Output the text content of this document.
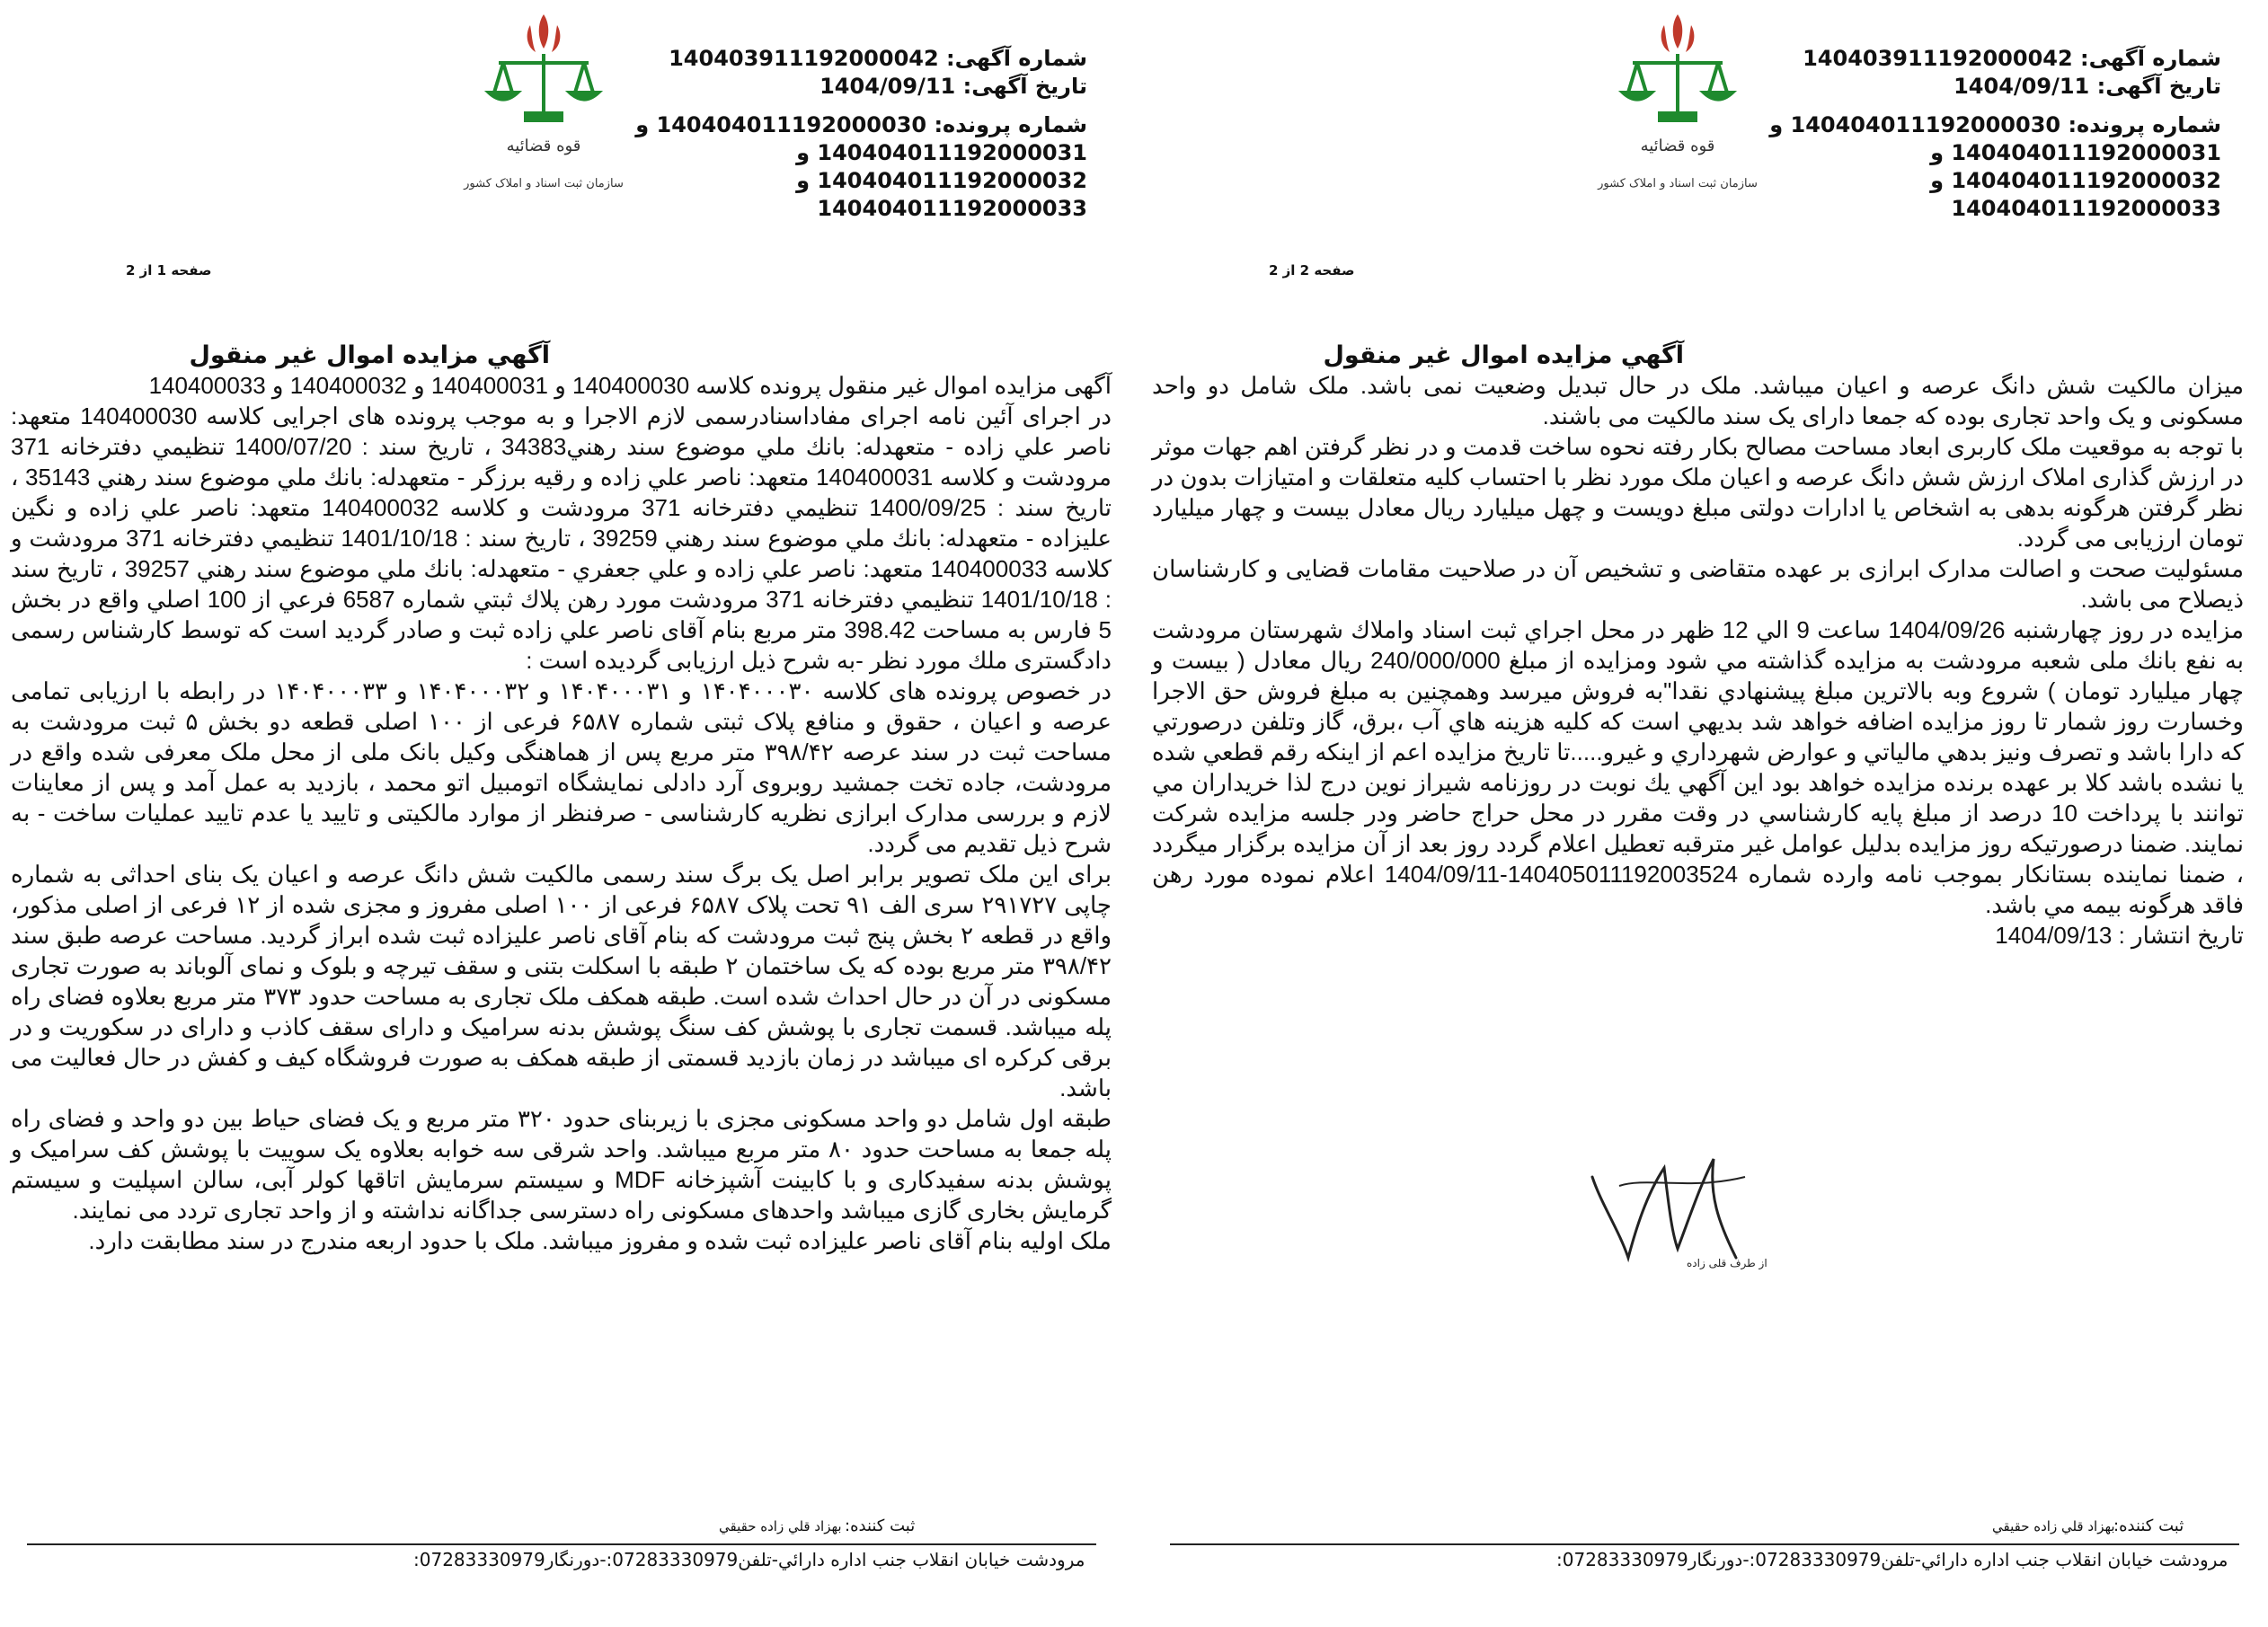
قوه قضائیه
سازمان ثبت اسناد و املاک کشور
شماره آگهی: 140403911192000042
تاريخ آگهی: 1404/09/11
شماره پرونده: 140404011192000030 و
140404011192000031 و
140404011192000032 و
140404011192000033
صفحه 1 از 2
آگهي مزايده اموال غير منقول

آگهی مزايده اموال غير منقول پرونده كلاسه 140400030 و 140400031 و 140400032 و 140400033

در اجرای آئين نامه اجرای مفاداسنادرسمی لازم الاجرا و به موجب پرونده های اجرايی كلاسه 140400030 متعهد: ناصر علي زاده - متعهدله: بانك ملي موضوع سند رهني34383 ، تاريخ سند : 1400/07/20 تنظيمي دفترخانه 371 مرودشت و كلاسه 140400031 متعهد: ناصر علي زاده و رقيه برزگر - متعهدله: بانك ملي موضوع سند رهني 35143 ، تاريخ سند : 1400/09/25 تنظيمي دفترخانه 371 مرودشت و كلاسه 140400032 متعهد: ناصر علي زاده و نگين عليزاده - متعهدله: بانك ملي موضوع سند رهني 39259 ، تاريخ سند : 1401/10/18 تنظيمي دفترخانه 371 مرودشت و كلاسه 140400033 متعهد: ناصر علي زاده و علي جعفري - متعهدله: بانك ملي موضوع سند رهني 39257 ، تاريخ سند : 1401/10/18 تنظيمي دفترخانه 371 مرودشت مورد رهن پلاك ثبتي شماره 6587 فرعي از 100 اصلي واقع در بخش 5 فارس به مساحت 398.42 متر مربع بنام آقای ناصر علي زاده ثبت و صادر گرديد است كه توسط كارشناس رسمی دادگستری ملك مورد نظر -به شرح ذيل ارزيابی گرديده است :

در خصوص پرونده های کلاسه ۱۴۰۴۰۰۰۳۰ و ۱۴۰۴۰۰۰۳۱ و ۱۴۰۴۰۰۰۳۲ و ۱۴۰۴۰۰۰۳۳ در رابطه با ارزیابی تمامی عرصه و اعیان ، حقوق و منافع پلاک ثبتی شماره ۶۵۸۷ فرعی از ۱۰۰ اصلی قطعه دو بخش ۵ ثبت مرودشت به مساحت ثبت در سند عرصه ۳۹۸/۴۲ متر مربع پس از هماهنگی وکیل بانک ملی از محل ملک معرفی شده واقع در مرودشت، جاده تخت جمشید روبروی آرد دادلی نمایشگاه اتومبیل اتو محمد ، بازدید به عمل آمد و پس از معاینات لازم و بررسی مدارک ابرازی نظریه کارشناسی - صرفنظر از موارد مالکیتی و تایید یا عدم تایید عملیات ساخت - به شرح ذیل تقدیم می گردد.

برای این ملک تصویر برابر اصل یک برگ سند رسمی مالکیت شش دانگ عرصه و اعیان یک بنای احداثی به شماره چاپی ۲۹۱۷۲۷ سری الف ۹۱ تحت پلاک ۶۵۸۷ فرعی از ۱۰۰ اصلی مفروز و مجزی شده از ۱۲ فرعی از اصلی مذکور، واقع در قطعه ۲ بخش پنج ثبت مرودشت که بنام آقای ناصر علیزاده ثبت شده ابراز گردید. مساحت عرصه طبق سند ۳۹۸/۴۲ متر مربع بوده که یک ساختمان ۲ طبقه با اسکلت بتنی و سقف تیرچه و بلوک و نمای آلوباند به صورت تجاری مسکونی در آن در حال احداث شده است. طبقه همکف ملک تجاری به مساحت حدود ۳۷۳ متر مربع بعلاوه فضای راه پله میباشد. قسمت تجاری با پوشش کف سنگ پوشش بدنه سرامیک و دارای سقف کاذب و دارای در سکوریت و در برقی کرکره ای میباشد در زمان بازدید قسمتی از طبقه همکف به صورت فروشگاه کیف و کفش در حال فعالیت می باشد.

طبقه اول شامل دو واحد مسکونی مجزی با زیربنای حدود ۳۲۰ متر مربع و یک فضای حیاط بین دو واحد و فضای راه پله جمعا به مساحت حدود ۸۰ متر مربع میباشد. واحد شرقی سه خوابه بعلاوه یک سوییت با پوشش کف سرامیک و پوشش بدنه سفیدکاری و با کابینت آشپزخانه MDF و سیستم سرمایش اتاقها کولر آبی، سالن اسپلیت و سیستم گرمایش بخاری گازی میباشد واحدهای مسکونی راه دسترسی جداگانه نداشته و از واحد تجاری تردد می نمایند.

ملک اولیه بنام آقای ناصر علیزاده ثبت شده و مفروز میباشد. ملک با حدود اربعه مندرج در سند مطابقت دارد.

ثبت كننده:
بهزاد قلي زاده حقيقي
مرودشت خيابان انقلاب جنب اداره دارائي-تلفن07283330979:-دورنگار07283330979:
قوه قضائیه
سازمان ثبت اسناد و املاک کشور
شماره آگهی: 140403911192000042
تاريخ آگهی: 1404/09/11
شماره پرونده: 140404011192000030 و
140404011192000031 و
140404011192000032 و
140404011192000033
صفحه 2 از 2
آگهي مزايده اموال غير منقول

ميزان مالكيت شش دانگ عرصه و اعيان ميباشد. ملک در حال تبدیل وضعیت نمی باشد. ملک شامل دو واحد مسکونی و یک واحد تجاری بوده که جمعا دارای یک سند مالکیت می باشند.

با توجه به موقعیت ملک کاربری ابعاد مساحت مصالح بکار رفته نحوه ساخت قدمت و در نظر گرفتن اهم جهات موثر در ارزش گذاری املاک ارزش شش دانگ عرصه و اعیان ملک مورد نظر با احتساب کلیه متعلقات و امتیازات بدون در نظر گرفتن هرگونه بدهی به اشخاص یا ادارات دولتی مبلغ دویست و چهل میلیارد ریال معادل بیست و چهار میلیارد تومان ارزیابی می گردد.

مسئولیت صحت و اصالت مدارک ابرازی بر عهده متقاضی و تشخیص آن در صلاحیت مقامات قضایی و کارشناسان ذیصلاح می باشد.

مزايده در روز چهارشنبه 1404/09/26 ساعت 9 الي 12 ظهر در محل اجراي ثبت اسناد واملاك شهرستان مرودشت به نفع بانك ملی شعبه مرودشت به مزايده گذاشته مي شود ومزايده از مبلغ 240/000/000 ريال معادل ( بيست و چهار ميليارد تومان ) شروع وبه بالاترين مبلغ پيشنهادي نقدا"به فروش ميرسد وهمچنين به مبلغ فروش حق الاجرا وخسارت روز شمار تا روز مزايده اضافه خواهد شد بديهي است كه كليه هزينه هاي آب ،برق، گاز وتلفن درصورتي كه دارا باشد و تصرف ونيز بدهي مالياتي و عوارض شهرداري و غيرو.....تا تاريخ مزايده اعم از اينكه رقم قطعي شده يا نشده باشد كلا بر عهده برنده مزايده خواهد بود اين آگهي يك نوبت در روزنامه شيراز نوين درج لذا خريداران مي توانند با پرداخت 10 درصد از مبلغ پايه كارشناسي در وقت مقرر در محل حراج حاضر ودر جلسه مزايده شركت نمايند. ضمنا درصورتيكه روز مزايده بدليل عوامل غير مترقبه تعطيل اعلام گردد روز بعد از آن مزايده برگزار ميگردد ، ضمنا نماينده بستانكار بموجب نامه وارده شماره 140405011192003524-1404/09/11 اعلام نموده مورد رهن فاقد هرگونه بيمه مي باشد.

تاريخ انتشار : 1404/09/13

از طرف قلی زاده
ثبت كننده:
بهزاد قلي زاده حقيقي
مرودشت خيابان انقلاب جنب اداره دارائي-تلفن07283330979:-دورنگار07283330979:
